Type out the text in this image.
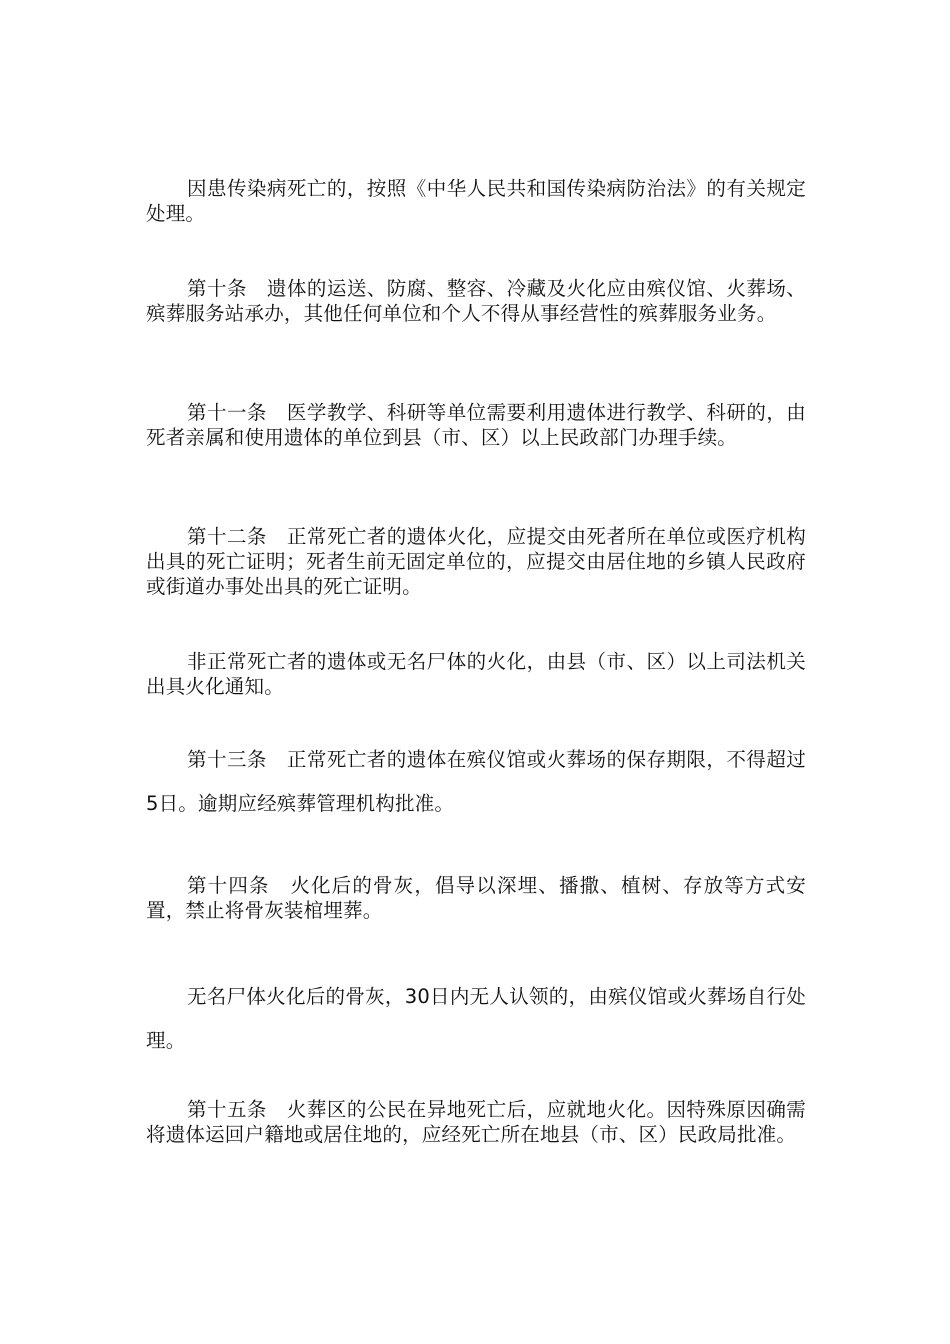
因患传染病死亡的，按照《中华人民共和国传染病防治法》的有关规定处理。

第十条　遗体的运送、防腐、整容、冷藏及火化应由殡仪馆、火葬场、殡葬服务站承办，其他任何单位和个人不得从事经营性的殡葬服务业务。

第十一条　医学教学、科研等单位需要利用遗体进行教学、科研的，由死者亲属和使用遗体的单位到县（市、区）以上民政部门办理手续。

第十二条　正常死亡者的遗体火化，应提交由死者所在单位或医疗机构出具的死亡证明；死者生前无固定单位的，应提交由居住地的乡镇人民政府或街道办事处出具的死亡证明。

非正常死亡者的遗体或无名尸体的火化，由县（市、区）以上司法机关出具火化通知。

第十三条　正常死亡者的遗体在殡仪馆或火葬场的保存期限，不得超过5日。逾期应经殡葬管理机构批准。

第十四条　火化后的骨灰，倡导以深埋、播撒、植树、存放等方式安置，禁止将骨灰装棺埋葬。

无名尸体火化后的骨灰，30日内无人认领的，由殡仪馆或火葬场自行处理。

第十五条　火葬区的公民在异地死亡后，应就地火化。因特殊原因确需将遗体运回户籍地或居住地的，应经死亡所在地县（市、区）民政局批准。
